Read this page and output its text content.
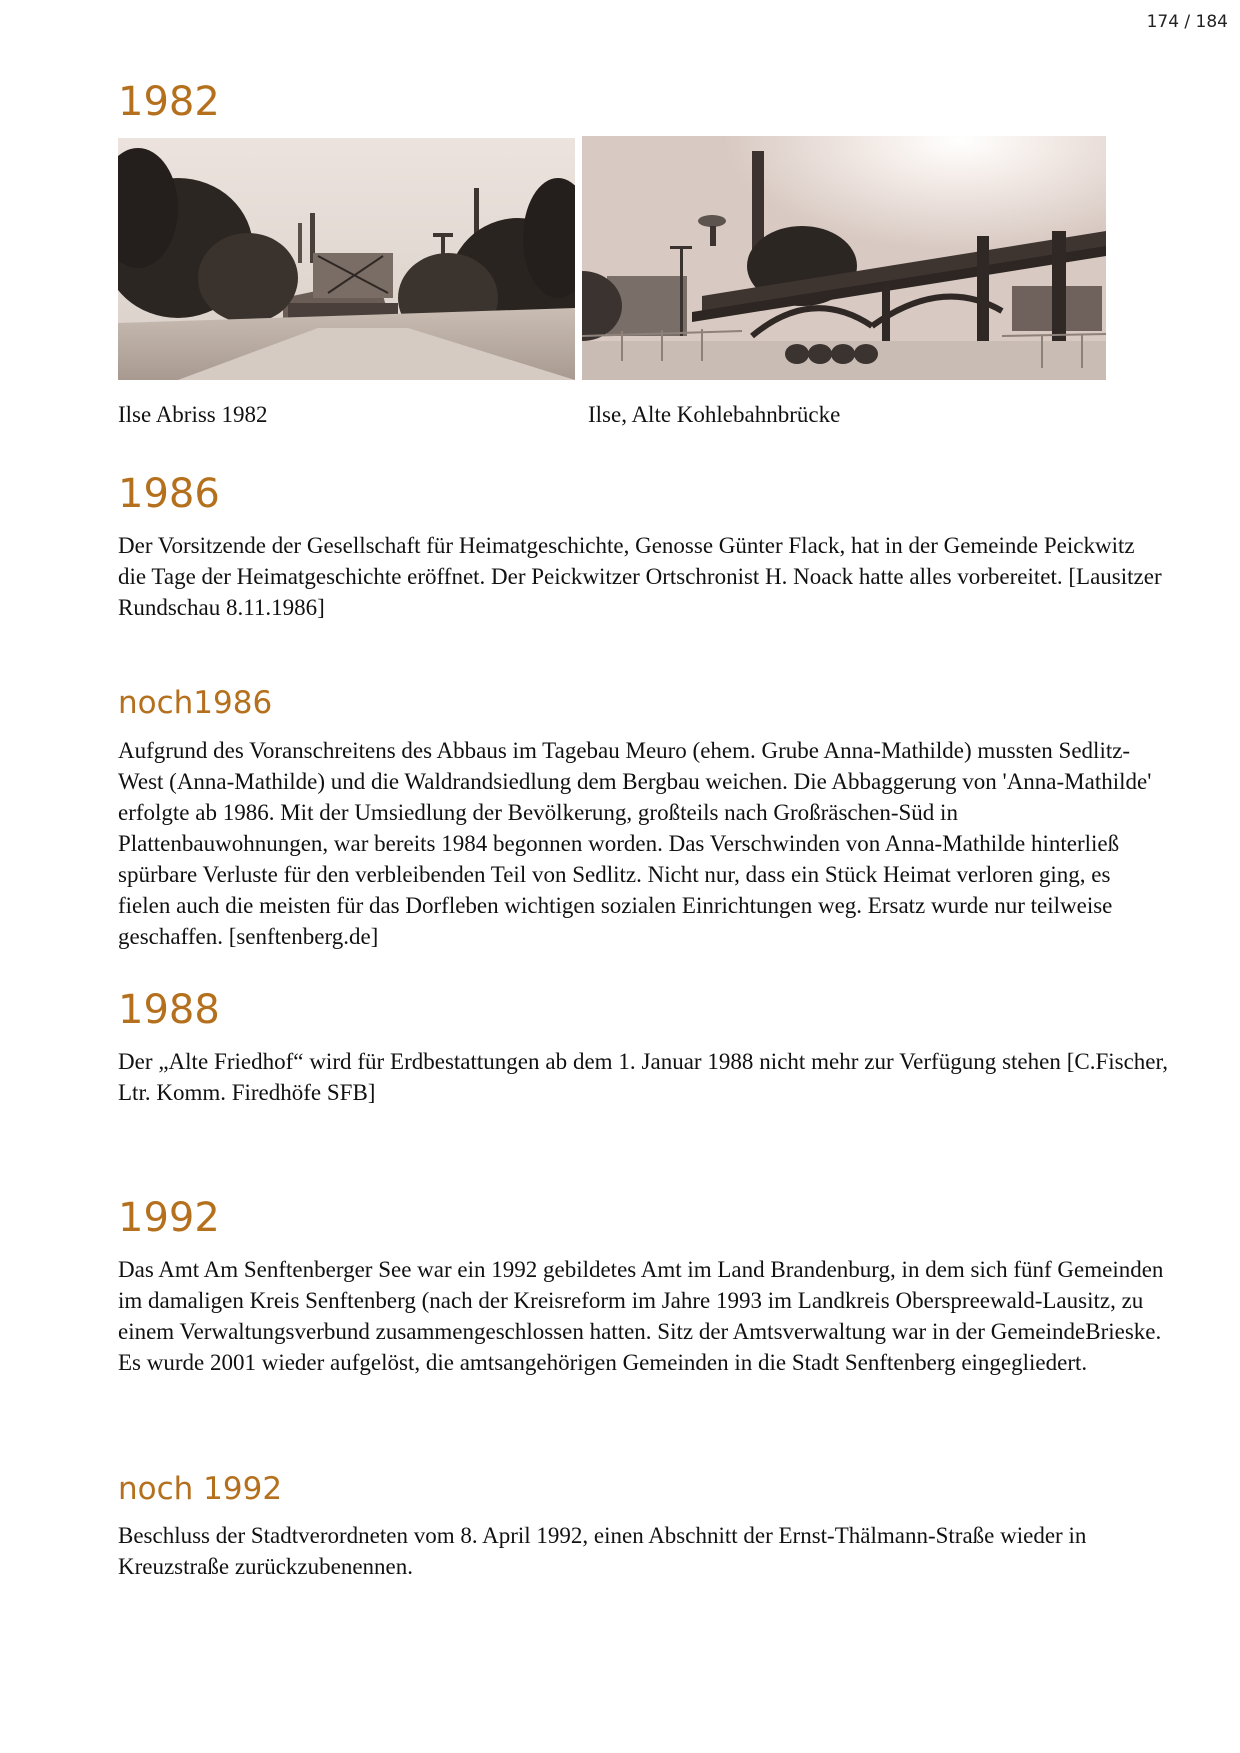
174 / 184
1982
Ilse Abriss 1982	Ilse, Alte Kohlebahnbrücke
1986

Der Vorsitzende der Gesellschaft für Heimatgeschichte, Genosse Günter Flack, hat in der Gemeinde Peickwitz die Tage der Heimatgeschichte eröffnet. Der Peickwitzer Ortschronist H. Noack hatte alles vorbereitet. [Lausitzer Rundschau 8.11.1986]

noch1986

Aufgrund des Voranschreitens des Abbaus im Tagebau Meuro (ehem. Grube Anna-Mathilde) mussten Sedlitz-West (Anna-Mathilde) und die Waldrandsiedlung dem Bergbau weichen. Die Abbaggerung von 'Anna-Mathilde' erfolgte ab 1986. Mit der Umsiedlung der Bevölkerung, großteils nach Großräschen-Süd in Plattenbauwohnungen, war bereits 1984 begonnen worden. Das Verschwinden von Anna-Mathilde hinterließ spürbare Verluste für den verbleibenden Teil von Sedlitz. Nicht nur, dass ein Stück Heimat verloren ging, es fielen auch die meisten für das Dorfleben wichtigen sozialen Einrichtungen weg. Ersatz wurde nur teilweise geschaffen. [senftenberg.de]

1988

Der „Alte Friedhof“ wird für Erdbestattungen ab dem 1. Januar 1988 nicht mehr zur Verfügung stehen [C.Fischer, Ltr. Komm. Firedhöfe SFB]

1992

Das Amt Am Senftenberger See war ein 1992 gebildetes Amt im Land Brandenburg, in dem sich fünf Gemeinden im damaligen Kreis Senftenberg (nach der Kreisreform im Jahre 1993 im Landkreis Oberspreewald-Lausitz, zu einem Verwaltungsverbund zusammengeschlossen hatten. Sitz der Amtsverwaltung war in der GemeindeBrieske. Es wurde 2001 wieder aufgelöst, die amtsangehörigen Gemeinden in die Stadt Senftenberg eingegliedert.

noch 1992

Beschluss der Stadtverordneten vom 8. April 1992, einen Abschnitt der Ernst-Thälmann-Straße wieder in Kreuzstraße zurückzubenennen.
